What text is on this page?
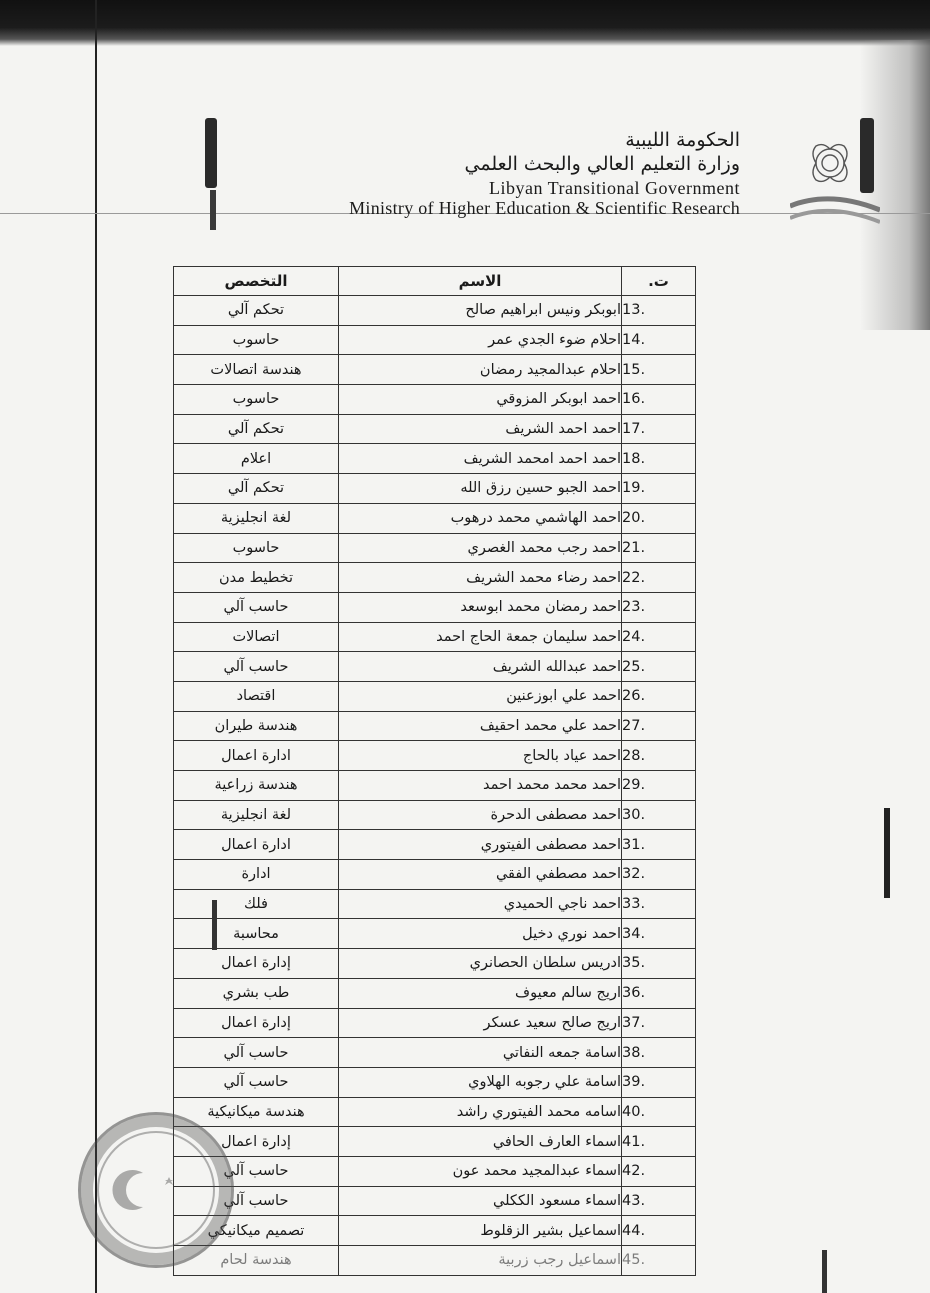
الحكومة الليبية
وزارة التعليم العالي والبحث العلمي
Libyan Transitional Government
Ministry of Higher Education & Scientific Research
ت.	الاسم	التخصص
13.	ابوبكر ونيس ابراهيم صالح	تحكم آلي
14.	احلام ضوء الجدي عمر	حاسوب
15.	احلام عبدالمجيد رمضان	هندسة اتصالات
16.	احمد ابوبكر المزوقي	حاسوب
17.	احمد احمد الشريف	تحكم آلي
18.	احمد احمد امحمد الشريف	اعلام
19.	احمد الجبو حسين رزق الله	تحكم آلي
20.	احمد الهاشمي محمد درهوب	لغة انجليزية
21.	احمد رجب محمد الغصري	حاسوب
22.	احمد رضاء محمد الشريف	تخطيط مدن
23.	احمد رمضان محمد ابوسعد	حاسب آلي
24.	احمد سليمان جمعة الحاج احمد	اتصالات
25.	احمد عبدالله الشريف	حاسب آلي
26.	احمد علي ابوزعنين	اقتصاد
27.	احمد علي محمد احقيف	هندسة طيران
28.	احمد عياد بالحاج	ادارة اعمال
29.	احمد محمد محمد احمد	هندسة زراعية
30.	احمد مصطفى الدحرة	لغة انجليزية
31.	احمد مصطفى الفيتوري	ادارة اعمال
32.	احمد مصطفي الفقي	ادارة
33.	احمد ناجي الحميدي	فلك
34.	احمد نوري دخيل	محاسبة
35.	ادريس سلطان الحصانري	إدارة اعمال
36.	اريج سالم معيوف	طب بشري
37.	اريج صالح سعيد عسكر	إدارة اعمال
38.	اسامة جمعه النفاتي	حاسب آلي
39.	اسامة علي رجوبه الهلاوي	حاسب آلي
40.	اسامه محمد الفيتوري راشد	هندسة ميكانيكية
41.	اسماء العارف الحافي	إدارة اعمال
42.	اسماء عبدالمجيد محمد عون	حاسب آلي
43.	اسماء مسعود الككلي	حاسب آلي
44.	اسماعيل بشير الزقلوط	تصميم ميكانيكي
45.	اسماعيل رجب زربية	هندسة لحام
